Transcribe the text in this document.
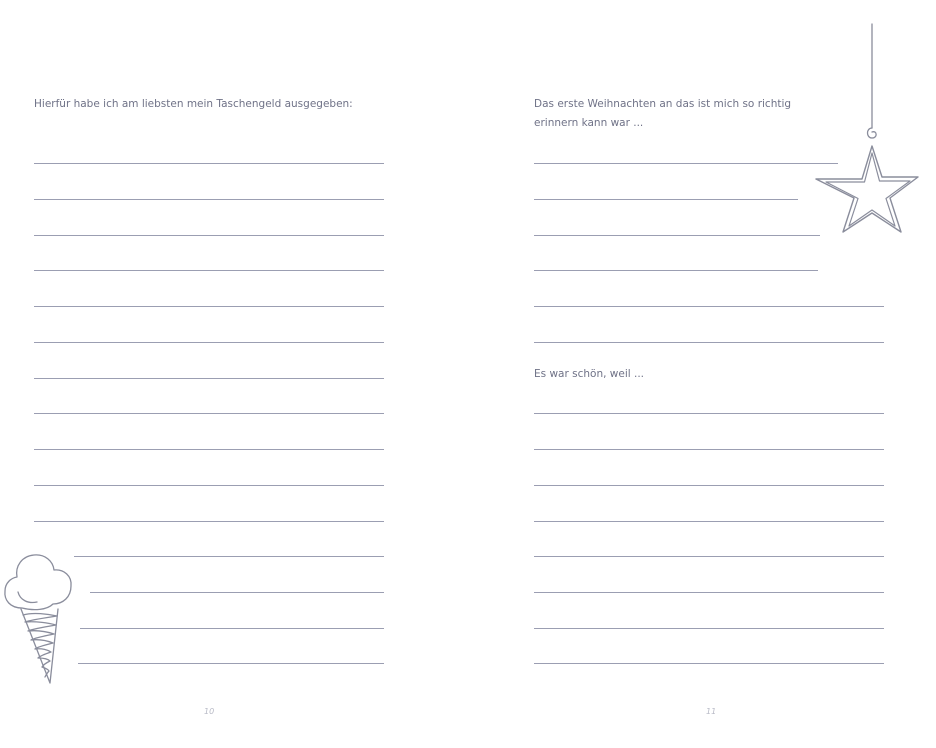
Hierfür habe ich am liebsten mein Taschengeld ausgegeben:
10
Das erste Weihnachten an das ist mich so richtig
erinnern kann war ...
Es war schön, weil ...
11
